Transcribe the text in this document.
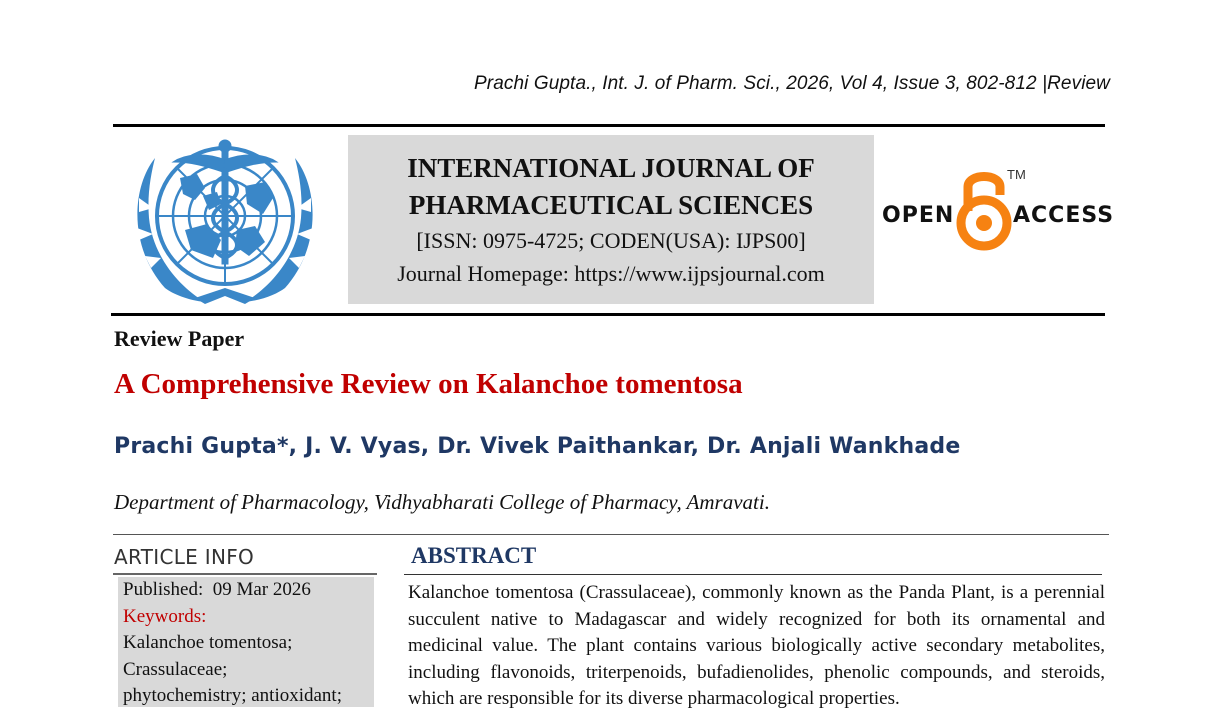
Prachi Gupta., Int. J. of Pharm. Sci., 2026, Vol 4, Issue 3, 802-812 |Review
INTERNATIONAL JOURNAL OF
PHARMACEUTICAL SCIENCES
[ISSN: 0975-4725; CODEN(USA): IJPS00]
Journal Homepage: https://www.ijpsjournal.com
OPEN
TM
ACCESS
Review Paper
A Comprehensive Review on Kalanchoe tomentosa
Prachi Gupta*, J. V. Vyas, Dr. Vivek Paithankar, Dr. Anjali Wankhade
Department of Pharmacology, Vidhyabharati College of Pharmacy, Amravati.
ARTICLE INFO
Published: 09 Mar 2026
Keywords:
Kalanchoe tomentosa;
Crassulaceae;
phytochemistry; antioxidant;
ABSTRACT

Kalanchoe tomentosa (Crassulaceae), commonly known as the Panda Plant, is a perennial succulent native to Madagascar and widely recognized for both its ornamental and medicinal value. The plant contains various biologically active secondary metabolites, including flavonoids, triterpenoids, bufadienolides, phenolic compounds, and steroids, which are responsible for its diverse pharmacological properties.
